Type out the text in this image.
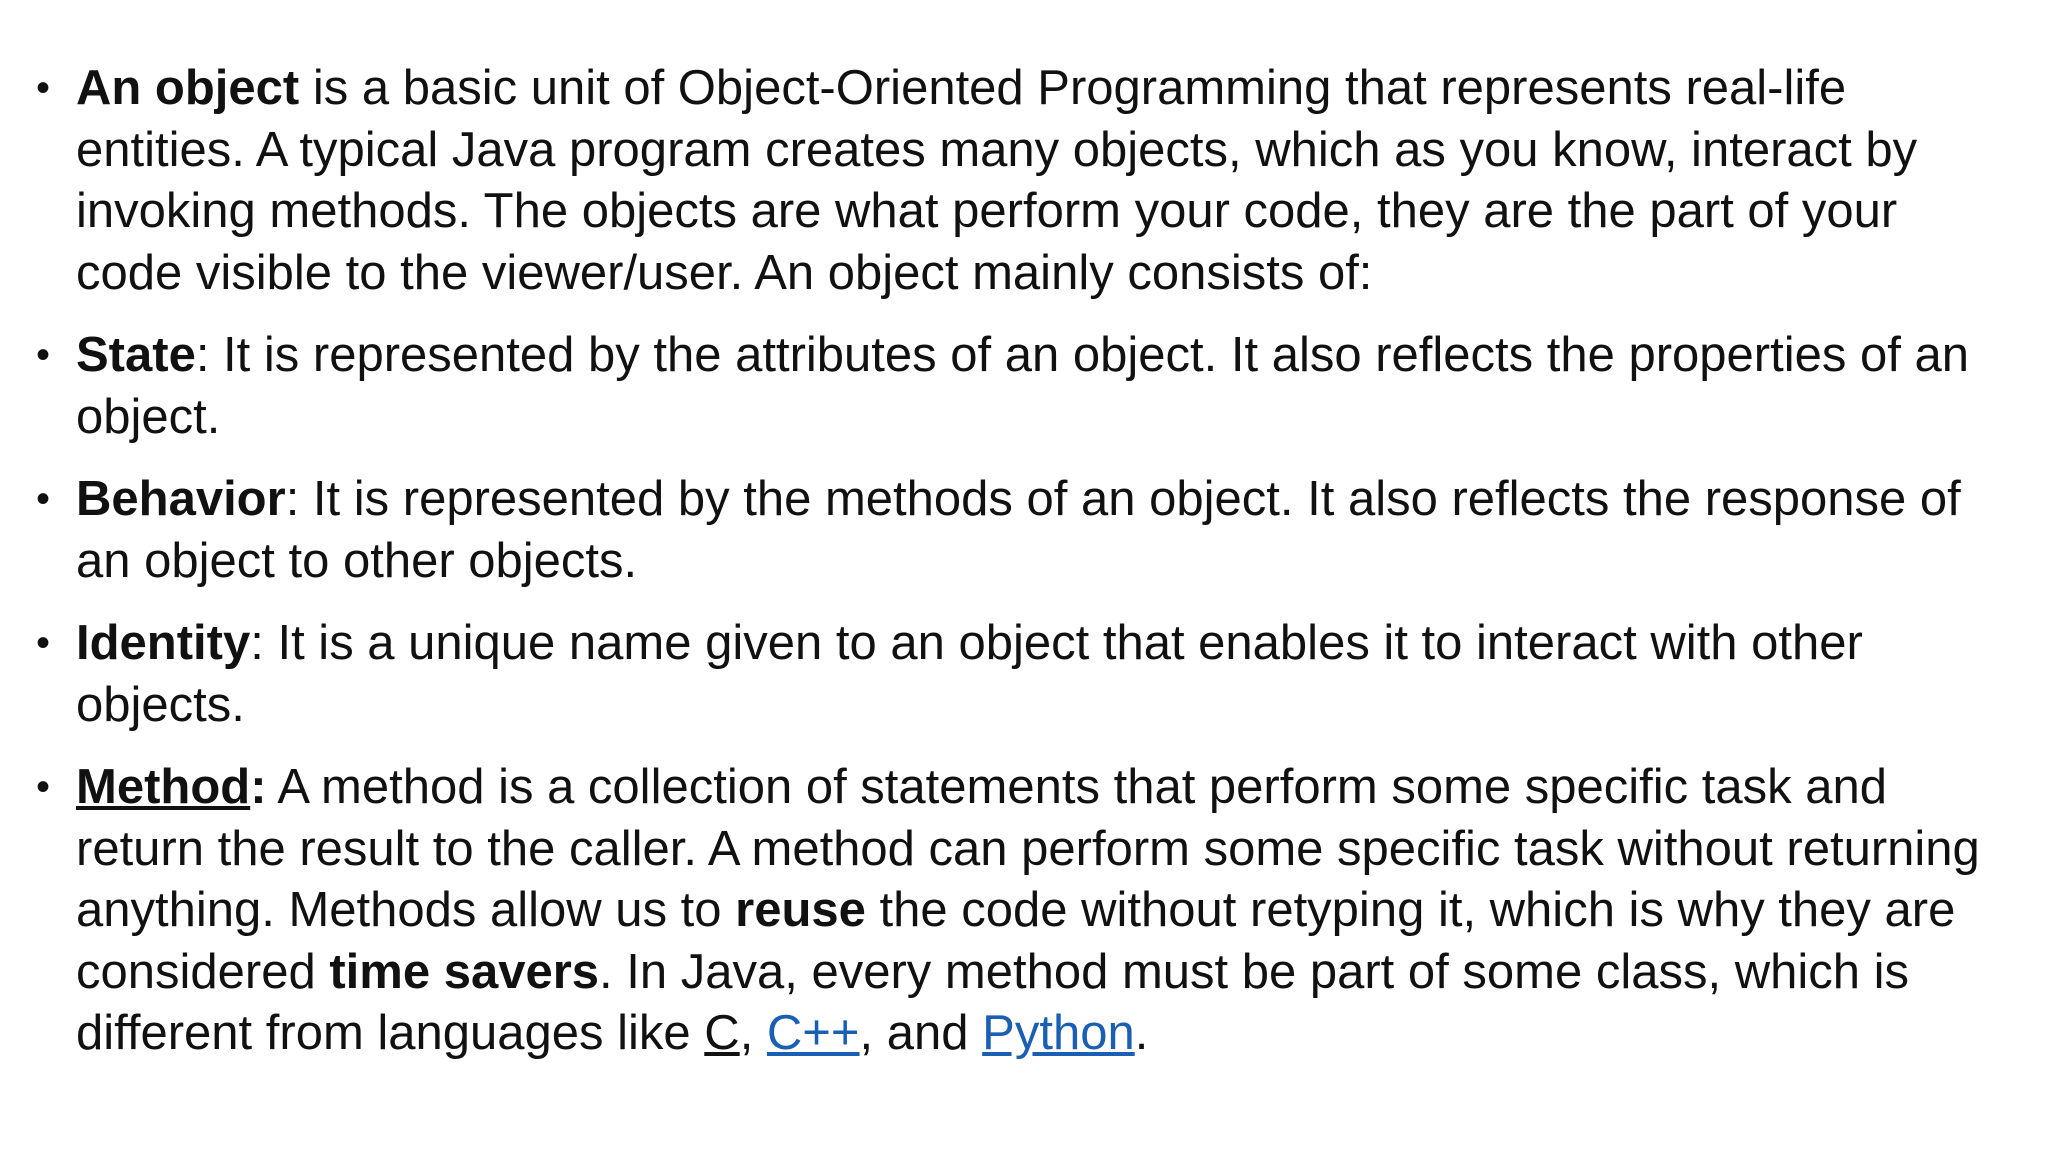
• An object is a basic unit of Object-Oriented Programming that represents real-life entities. A typical Java program creates many objects, which as you know, interact by invoking methods. The objects are what perform your code, they are the part of your code visible to the viewer/user. An object mainly consists of:
• State: It is represented by the attributes of an object. It also reflects the properties of an object.
• Behavior: It is represented by the methods of an object. It also reflects the response of an object to other objects.
• Identity: It is a unique name given to an object that enables it to interact with other objects.
• Method: A method is a collection of statements that perform some specific task and return the result to the caller. A method can perform some specific task without returning anything. Methods allow us to reuse the code without retyping it, which is why they are considered time savers. In Java, every method must be part of some class, which is different from languages like C, C++, and Python.
